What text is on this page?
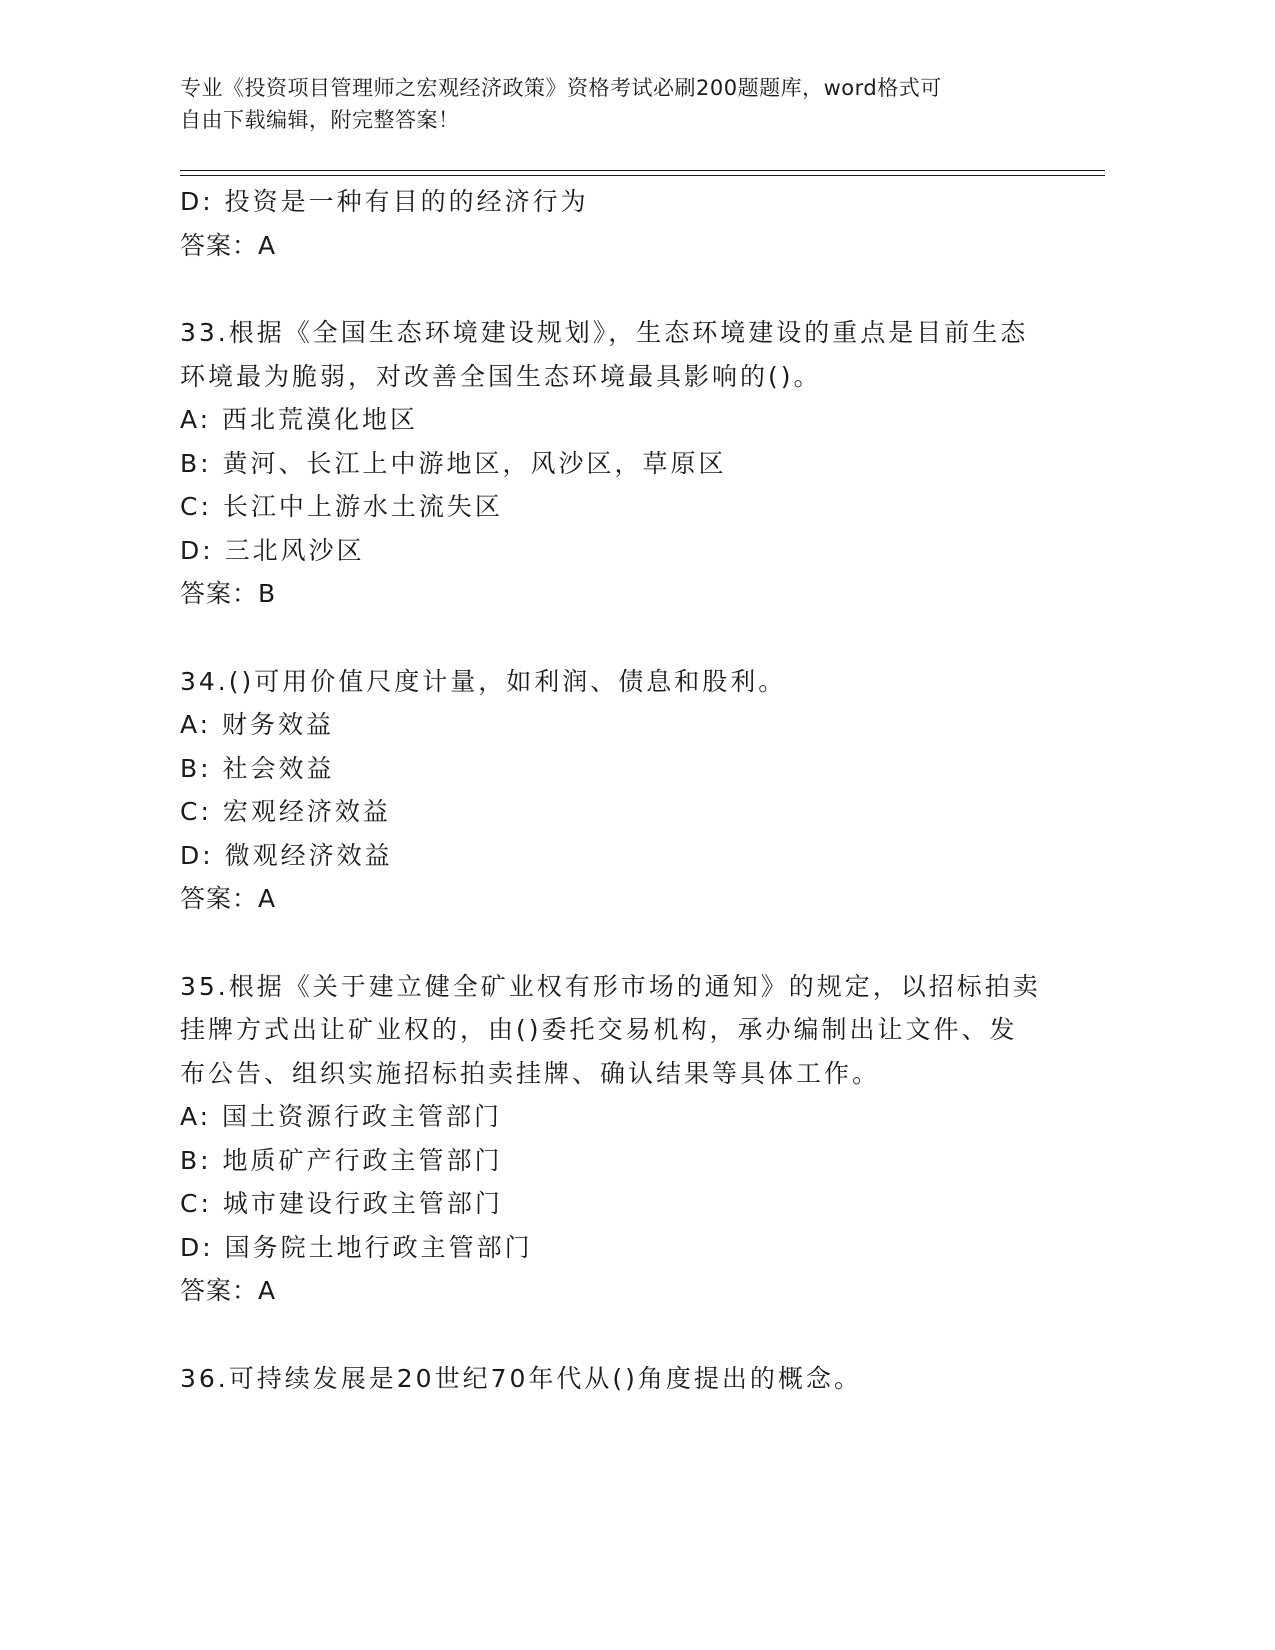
专业《投资项目管理师之宏观经济政策》资格考试必刷200题题库，word格式可
自由下载编辑，附完整答案！
D: 投资是一种有目的的经济行为
答案：A
33.根据《全国生态环境建设规划》，生态环境建设的重点是目前生态
环境最为脆弱，对改善全国生态环境最具影响的()。
A: 西北荒漠化地区
B: 黄河、长江上中游地区，风沙区，草原区
C: 长江中上游水土流失区
D: 三北风沙区
答案：B
34.()可用价值尺度计量，如利润、债息和股利。
A: 财务效益
B: 社会效益
C: 宏观经济效益
D: 微观经济效益
答案：A
35.根据《关于建立健全矿业权有形市场的通知》的规定，以招标拍卖
挂牌方式出让矿业权的，由()委托交易机构，承办编制出让文件、发
布公告、组织实施招标拍卖挂牌、确认结果等具体工作。
A: 国土资源行政主管部门
B: 地质矿产行政主管部门
C: 城市建设行政主管部门
D: 国务院土地行政主管部门
答案：A
36.可持续发展是20世纪70年代从()角度提出的概念。
